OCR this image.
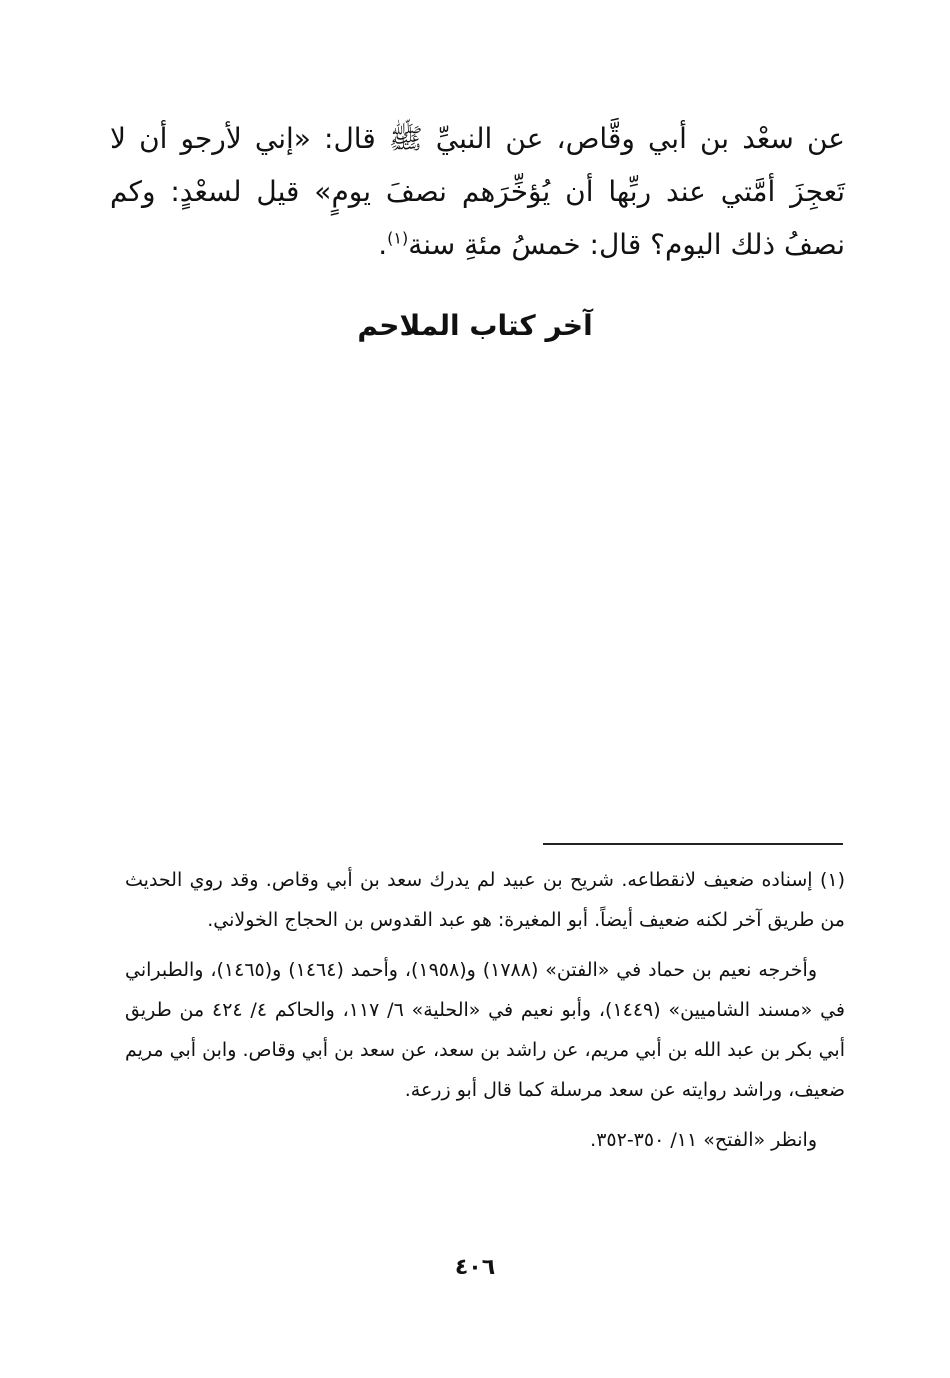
عن سعْد بن أبي وقَّاص، عن النبيِّ ﷺ قال: «إني لأرجو أن لا تَعجِزَ أمَّتي عند ربِّها أن يُؤخِّرَهم نصفَ يومٍ» قيل لسعْدٍ: وكم نصفُ ذلك اليوم؟ قال: خمسُ مئةِ سنة$^{(١)}$.

آخر كتاب الملاحم

(١) إسناده ضعيف لانقطاعه. شريح بن عبيد لم يدرك سعد بن أبي وقاص. وقد روي الحديث من طريق آخر لكنه ضعيف أيضاً. أبو المغيرة: هو عبد القدوس بن الحجاج الخولاني.

وأخرجه نعيم بن حماد في «الفتن» (١٧٨٨) و(١٩٥٨)، وأحمد (١٤٦٤) و(١٤٦٥)، والطبراني في «مسند الشاميين» (١٤٤٩)، وأبو نعيم في «الحلية» ٦/ ١١٧، والحاكم ٤/ ٤٢٤ من طريق أبي بكر بن عبد الله بن أبي مريم، عن راشد بن سعد، عن سعد بن أبي وقاص. وابن أبي مريم ضعيف، وراشد روايته عن سعد مرسلة كما قال أبو زرعة.

وانظر «الفتح» ١١/ ٣٥٠-٣٥٢.

٤٠٦
